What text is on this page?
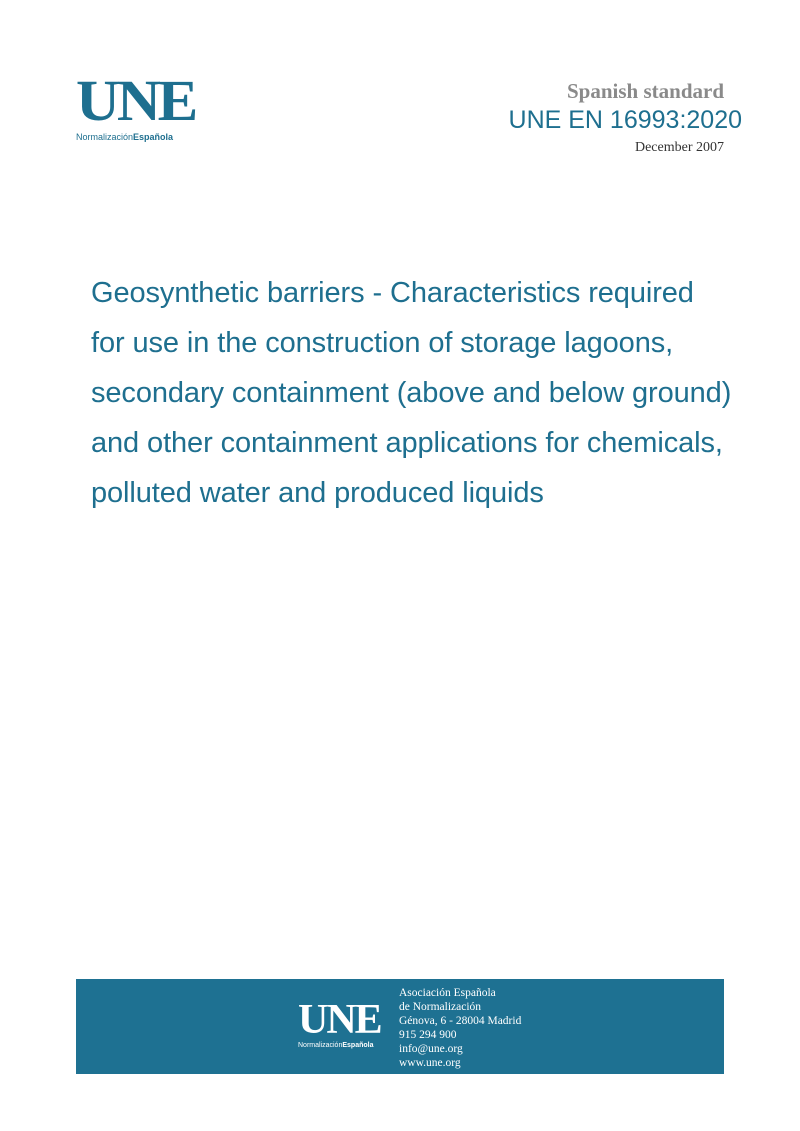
UNE
NormalizaciónEspañola
Spanish standard
UNE EN 16993:2020
December 2007
Geosynthetic barriers - Characteristics required
for use in the construction of storage lagoons,
secondary containment (above and below ground)
and other containment applications for chemicals,
polluted water and produced liquids
UNE
NormalizaciónEspañola
Asociación Española
de Normalización
Génova, 6 - 28004 Madrid
915 294 900
info@une.org
www.une.org
